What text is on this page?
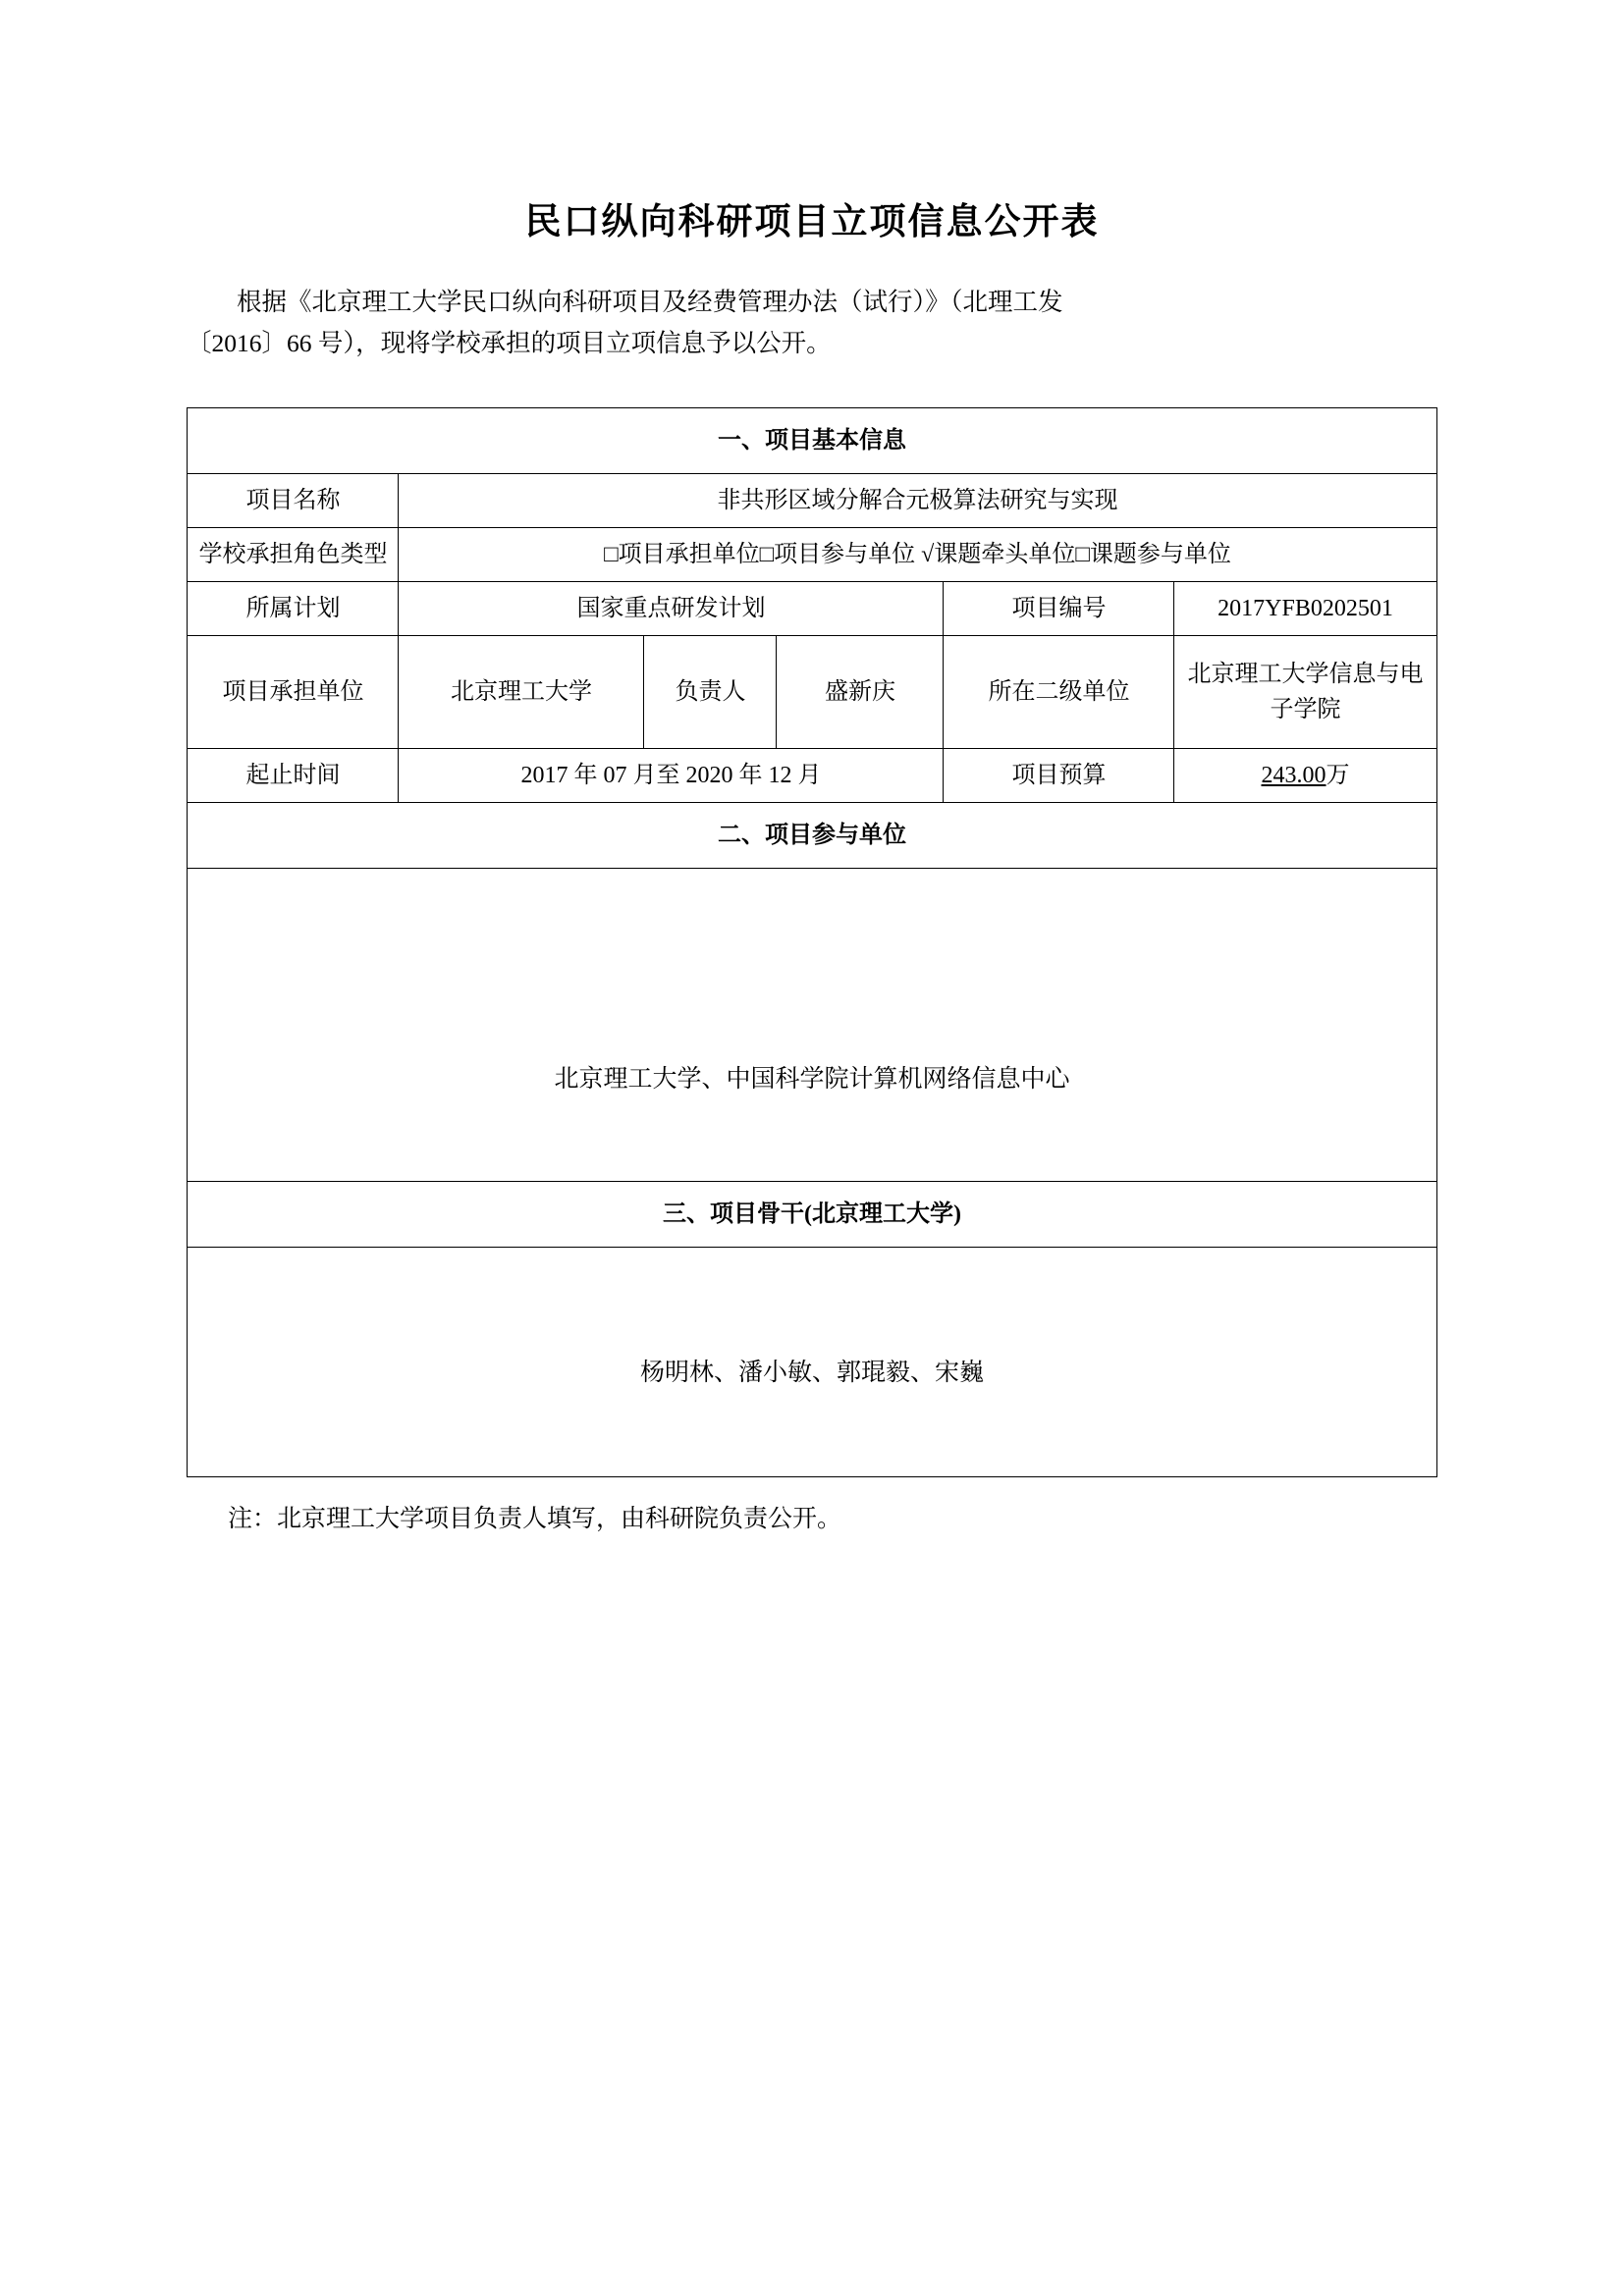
民口纵向科研项目立项信息公开表

根据《北京理工大学民口纵向科研项目及经费管理办法（试行）》（北理工发
〔2016〕66 号），现将学校承担的项目立项信息予以公开。

一、项目基本信息					
项目名称	非共形区域分解合元极算法研究与实现				
学校承担角色类型	□项目承担单位□项目参与单位 √课题牵头单位□课题参与单位				
所属计划	国家重点研发计划			项目编号	2017YFB0202501
项目承担单位	北京理工大学	负责人	盛新庆	所在二级单位	北京理工大学信息与电子学院
起止时间	2017 年 07 月至 2020 年 12 月			项目预算	243.00万
二、项目参与单位					

北京理工大学、中国科学院计算机网络信息中心					

三、项目骨干(北京理工大学)					

杨明林、潘小敏、郭琨毅、宋巍					
注：北京理工大学项目负责人填写，由科研院负责公开。
